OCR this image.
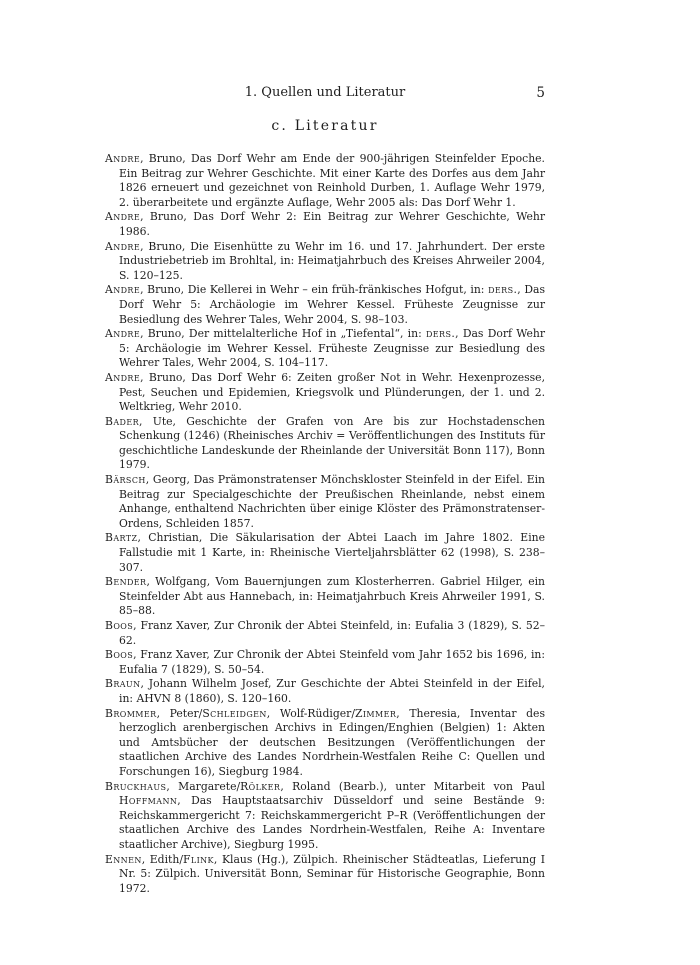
1. Quellen und Literatur	5
c. Literatur

Andre, Bruno, Das Dorf Wehr am Ende der 900-jährigen Steinfelder Epoche. Ein Beitrag zur Wehrer Geschichte. Mit einer Karte des Dorfes aus dem Jahr 1826 erneuert und gezeichnet von Reinhold Durben, 1. Auflage Wehr 1979, 2. überarbeitete und ergänzte Auflage, Wehr 2005 als: Das Dorf Wehr 1.

Andre, Bruno, Das Dorf Wehr 2: Ein Beitrag zur Wehrer Geschichte, Wehr 1986.

Andre, Bruno, Die Eisenhütte zu Wehr im 16. und 17. Jahrhundert. Der erste Industriebetrieb im Brohltal, in: Heimatjahrbuch des Kreises Ahrweiler 2004, S. 120–125.

Andre, Bruno, Die Kellerei in Wehr – ein früh-fränkisches Hofgut, in: ders., Das Dorf Wehr 5: Archäologie im Wehrer Kessel. Früheste Zeugnisse zur Besiedlung des Wehrer Tales, Wehr 2004, S. 98–103.

Andre, Bruno, Der mittelalterliche Hof in „Tiefental“, in: ders., Das Dorf Wehr 5: Archäologie im Wehrer Kessel. Früheste Zeugnisse zur Besiedlung des Wehrer Tales, Wehr 2004, S. 104–117.

Andre, Bruno, Das Dorf Wehr 6: Zeiten großer Not in Wehr. Hexenprozesse, Pest, Seuchen und Epidemien, Kriegsvolk und Plünderungen, der 1. und 2. Weltkrieg, Wehr 2010.

Bader, Ute, Geschichte der Grafen von Are bis zur Hochstadenschen Schenkung (1246) (Rheinisches Archiv = Veröffentlichungen des Instituts für geschichtliche Landeskunde der Rheinlande der Universität Bonn 117), Bonn 1979.

Bärsch, Georg, Das Prämonstratenser Mönchskloster Steinfeld in der Eifel. Ein Beitrag zur Specialgeschichte der Preußischen Rheinlande, nebst einem Anhange, enthaltend Nachrichten über einige Klöster des Prämonstratenser-Ordens, Schleiden 1857.

Bartz, Christian, Die Säkularisation der Abtei Laach im Jahre 1802. Eine Fallstudie mit 1 Karte, in: Rheinische Vierteljahrsblätter 62 (1998), S. 238–307.

Bender, Wolfgang, Vom Bauernjungen zum Klosterherren. Gabriel Hilger, ein Steinfelder Abt aus Hannebach, in: Heimatjahrbuch Kreis Ahrweiler 1991, S. 85–88.

Boos, Franz Xaver, Zur Chronik der Abtei Steinfeld, in: Eufalia 3 (1829), S. 52–62.

Boos, Franz Xaver, Zur Chronik der Abtei Steinfeld vom Jahr 1652 bis 1696, in: Eufalia 7 (1829), S. 50–54.

Braun, Johann Wilhelm Josef, Zur Geschichte der Abtei Steinfeld in der Eifel, in: AHVN 8 (1860), S. 120–160.

Brommer, Peter/Schleidgen, Wolf-Rüdiger/Zimmer, Theresia, Inventar des herzoglich arenbergischen Archivs in Edingen/Enghien (Belgien) 1: Akten und Amtsbücher der deutschen Besitzungen (Veröffentlichungen der staatlichen Archive des Landes Nordrhein-Westfalen Reihe C: Quellen und Forschungen 16), Siegburg 1984.

Bruckhaus, Margarete/Rölker, Roland (Bearb.), unter Mitarbeit von Paul Hoffmann, Das Hauptstaatsarchiv Düsseldorf und seine Bestände 9: Reichskammergericht 7: Reichskammergericht P–R (Veröffentlichungen der staatlichen Archive des Landes Nordrhein-Westfalen, Reihe A: Inventare staatlicher Archive), Siegburg 1995.

Ennen, Edith/Flink, Klaus (Hg.), Zülpich. Rheinischer Städteatlas, Lieferung I Nr. 5: Zülpich. Universität Bonn, Seminar für Historische Geographie, Bonn 1972.
